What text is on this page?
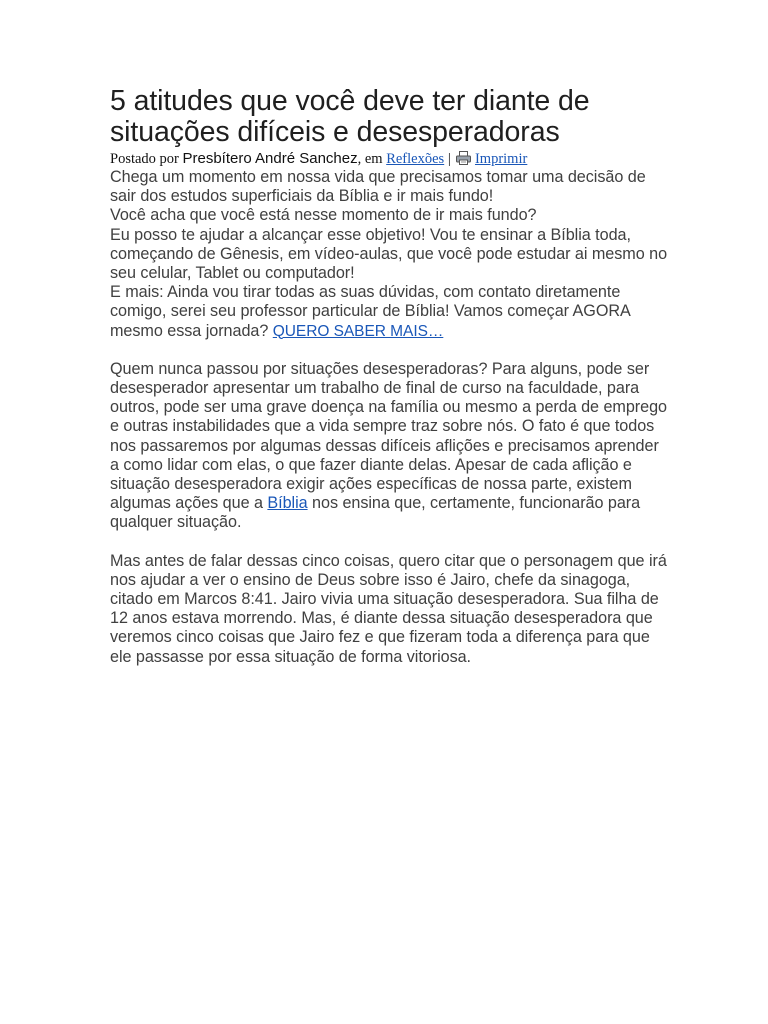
5 atitudes que você deve ter diante de situações difíceis e desesperadoras
Postado por Presbítero André Sanchez, em Reflexões |  Imprimir

Chega um momento em nossa vida que precisamos tomar uma decisão de sair dos estudos superficiais da Bíblia e ir mais fundo!
Você acha que você está nesse momento de ir mais fundo?
Eu posso te ajudar a alcançar esse objetivo! Vou te ensinar a Bíblia toda, começando de Gênesis, em vídeo-aulas, que você pode estudar ai mesmo no seu celular, Tablet ou computador!
E mais: Ainda vou tirar todas as suas dúvidas, com contato diretamente comigo, serei seu professor particular de Bíblia! Vamos começar AGORA mesmo essa jornada? QUERO SABER MAIS…

Quem nunca passou por situações desesperadoras? Para alguns, pode ser desesperador apresentar um trabalho de final de curso na faculdade, para outros, pode ser uma grave doença na família ou mesmo a perda de emprego e outras instabilidades que a vida sempre traz sobre nós. O fato é que todos nos passaremos por algumas dessas difíceis aflições e precisamos aprender a como lidar com elas, o que fazer diante delas. Apesar de cada aflição e situação desesperadora exigir ações específicas de nossa parte, existem algumas ações que a Bíblia nos ensina que, certamente, funcionarão para qualquer situação.

Mas antes de falar dessas cinco coisas, quero citar que o personagem que irá nos ajudar a ver o ensino de Deus sobre isso é Jairo, chefe da sinagoga, citado em Marcos 8:41. Jairo vivia uma situação desesperadora. Sua filha de 12 anos estava morrendo. Mas, é diante dessa situação desesperadora que veremos cinco coisas que Jairo fez e que fizeram toda a diferença para que ele passasse por essa situação de forma vitoriosa.
